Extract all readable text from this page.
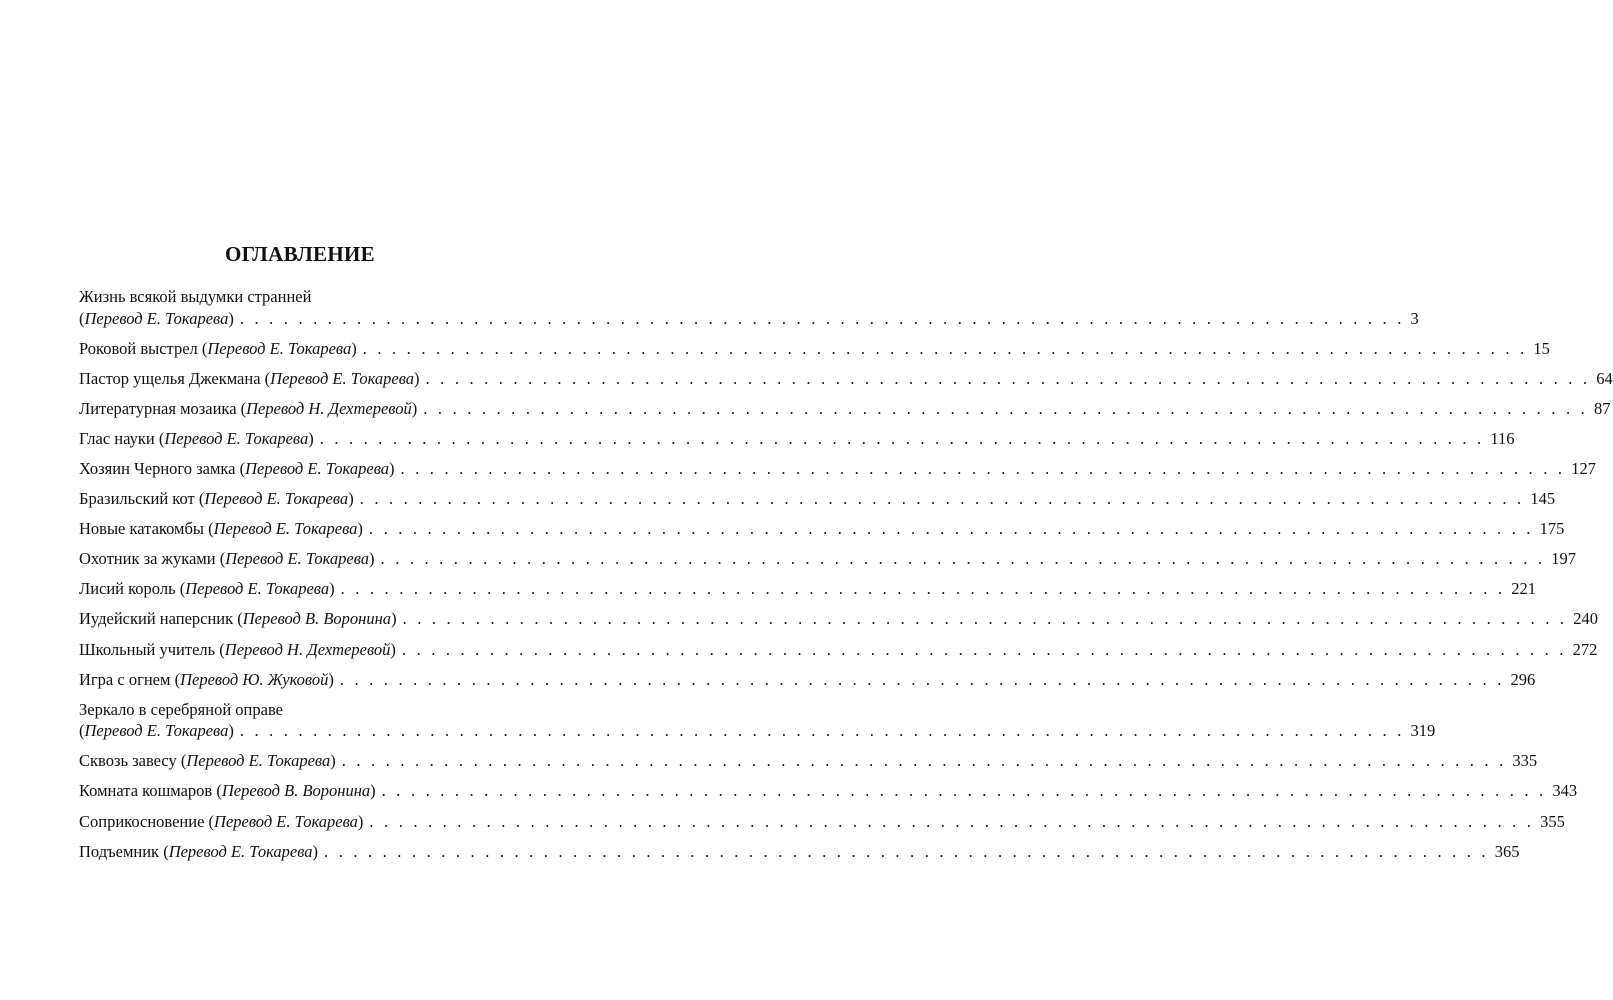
ОГЛАВЛЕНИЕ
Жизнь всякой выдумки странней
(Перевод Е. Токарева) . . . . . . . . . . . . . . . . . . . . . . . . . . . . . . . . . . . . . . . . . . . . . . . . . . . . . . . . . . . . . . . . . . . . . . . . . . . . . . . . 3
Роковой выстрел (Перевод Е. Токарева) . . . . . . . . . . . . . . . . . . . . . . . . . . . . . . . . . . . . . . . . . . . . . . . . . . . . . . . . . . . . . . . . . . . . . . . . . . . . . . . . 15
Пастор ущелья Джекмана (Перевод Е. Токарева) . . . . . . . . . . . . . . . . . . . . . . . . . . . . . . . . . . . . . . . . . . . . . . . . . . . . . . . . . . . . . . . . . . . . . . . . . . . . . . . . 64
Литературная мозаика (Перевод Н. Дехтеревой) . . . . . . . . . . . . . . . . . . . . . . . . . . . . . . . . . . . . . . . . . . . . . . . . . . . . . . . . . . . . . . . . . . . . . . . . . . . . . . . . 87
Глас науки (Перевод Е. Токарева) . . . . . . . . . . . . . . . . . . . . . . . . . . . . . . . . . . . . . . . . . . . . . . . . . . . . . . . . . . . . . . . . . . . . . . . . . . . . . . . . 116
Хозяин Черного замка (Перевод Е. Токарева) . . . . . . . . . . . . . . . . . . . . . . . . . . . . . . . . . . . . . . . . . . . . . . . . . . . . . . . . . . . . . . . . . . . . . . . . . . . . . . . . 127
Бразильский кот (Перевод Е. Токарева) . . . . . . . . . . . . . . . . . . . . . . . . . . . . . . . . . . . . . . . . . . . . . . . . . . . . . . . . . . . . . . . . . . . . . . . . . . . . . . . . 145
Новые катакомбы (Перевод Е. Токарева) . . . . . . . . . . . . . . . . . . . . . . . . . . . . . . . . . . . . . . . . . . . . . . . . . . . . . . . . . . . . . . . . . . . . . . . . . . . . . . . . 175
Охотник за жуками (Перевод Е. Токарева) . . . . . . . . . . . . . . . . . . . . . . . . . . . . . . . . . . . . . . . . . . . . . . . . . . . . . . . . . . . . . . . . . . . . . . . . . . . . . . . . 197
Лисий король (Перевод Е. Токарева) . . . . . . . . . . . . . . . . . . . . . . . . . . . . . . . . . . . . . . . . . . . . . . . . . . . . . . . . . . . . . . . . . . . . . . . . . . . . . . . . 221
Иудейский наперсник (Перевод В. Воронина) . . . . . . . . . . . . . . . . . . . . . . . . . . . . . . . . . . . . . . . . . . . . . . . . . . . . . . . . . . . . . . . . . . . . . . . . . . . . . . . . 240
Школьный учитель (Перевод Н. Дехтеревой) . . . . . . . . . . . . . . . . . . . . . . . . . . . . . . . . . . . . . . . . . . . . . . . . . . . . . . . . . . . . . . . . . . . . . . . . . . . . . . . . 272
Игра с огнем (Перевод Ю. Жуковой) . . . . . . . . . . . . . . . . . . . . . . . . . . . . . . . . . . . . . . . . . . . . . . . . . . . . . . . . . . . . . . . . . . . . . . . . . . . . . . . . 296
Зеркало в серебряной оправе
(Перевод Е. Токарева) . . . . . . . . . . . . . . . . . . . . . . . . . . . . . . . . . . . . . . . . . . . . . . . . . . . . . . . . . . . . . . . . . . . . . . . . . . . . . . . . 319
Сквозь завесу (Перевод Е. Токарева) . . . . . . . . . . . . . . . . . . . . . . . . . . . . . . . . . . . . . . . . . . . . . . . . . . . . . . . . . . . . . . . . . . . . . . . . . . . . . . . . 335
Комната кошмаров (Перевод В. Воронина) . . . . . . . . . . . . . . . . . . . . . . . . . . . . . . . . . . . . . . . . . . . . . . . . . . . . . . . . . . . . . . . . . . . . . . . . . . . . . . . . 343
Соприкосновение (Перевод Е. Токарева) . . . . . . . . . . . . . . . . . . . . . . . . . . . . . . . . . . . . . . . . . . . . . . . . . . . . . . . . . . . . . . . . . . . . . . . . . . . . . . . . 355
Подъемник (Перевод Е. Токарева) . . . . . . . . . . . . . . . . . . . . . . . . . . . . . . . . . . . . . . . . . . . . . . . . . . . . . . . . . . . . . . . . . . . . . . . . . . . . . . . . 365
